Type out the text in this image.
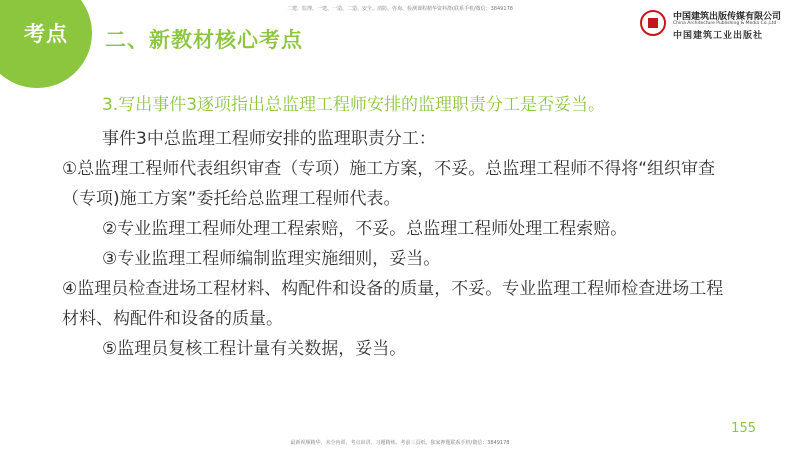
考点 二、新教材核心考点
二建、监理、一建、一造、二造、安全、消防、咨询、检测课程精华资料群(联系手机/微信：3849178
中国建筑出版传媒有限公司
China Architecture Publishing & Media Co.,Ltd
中国建筑工业出版社
3.写出事件3逐项指出总监理工程师安排的监理职责分工是否妥当。

事件3中总监理工程师安排的监理职责分工：

①总监理工程师代表组织审查（专项）施工方案，不妥。总监理工程师不得将“组织审查（专项)施工方案”委托给总监理工程师代表。

②专业监理工程师处理工程索赔，不妥。总监理工程师处理工程索赔。

③专业监理工程师编制监理实施细则，妥当。

④监理员检查进场工程材料、构配件和设备的质量，不妥。专业监理工程师检查进场工程材料、构配件和设备的质量。

⑤监理员复核工程计量有关数据，妥当。

155
最新视频精华、未全内训、考点串讲、习题精练、考前三页纸、独家押题联系手机/微信：3849178
